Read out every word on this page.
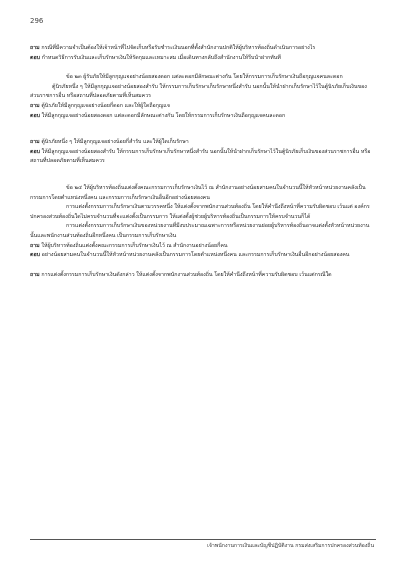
296

ถาม กรณีที่มีความจำเป็นต้องให้เจ้าหน้าที่ไปจัดเก็บหรือรับชำระเงินนอกที่ตั้งสำนักงานปกติให้ผู้บริหารท้องถิ่นดำเนินการอย่างไร

ตอบ กำหนดวิธีการรับเงินและเก็บรักษาเงินให้รัดกุมและเหมาะสม เมื่อเดินทางกลับถึงสำนักงานให้รีบนำฝากทันที

ข้อ ๒๓ ผู้รับภัยให้มีลูกกุญแจอย่างน้อยสองดอก แต่ละดอกมีลักษณะต่างกัน โดยให้กรรมการเก็บรักษาเงินถือกุญแจคนละดอก

ตู้นิรภัยหนึ่ง ๆ ให้มีลูกกุญแจอย่างน้อยสองสำรับ ให้กรรมการเก็บรักษาเก็บรักษาหนึ่งสำรับ นอกนั้นให้นำฝากเก็บรักษาไว้ในตู้นิรภัยเก็บเงินของส่วนราชการอื่น หรือสถานที่ปลอดภัยตามที่เห็นสมควร

ถาม ตู้นิรภัยให้มีลูกกุญแจอย่างน้อยกี่ดอก และให้ผู้ใดถือกุญแจ

ตอบ ให้มีลูกกุญแจอย่างน้อยสองดอก แต่ละดอกมีลักษณะต่างกัน โดยให้กรรมการเก็บรักษาเงินถือกุญแจคนละดอก

ถาม ตู้นิรภัยหนึ่ง ๆ ให้มีลูกกุญแจอย่างน้อยกี่สำรับ และให้ผู้ใดเก็บรักษา

ตอบ ให้มีลูกกุญแจอย่างน้อยสองสำรับ ให้กรรมการเก็บรักษาเก็บรักษาหนึ่งสำรับ นอกนั้นให้นำฝากเก็บรักษาไว้ในตู้นิรภัยเก็บเงินของส่วนราชการอื่น หรือสถานที่ปลอดภัยตามที่เห็นสมควร

ข้อ ๒๔ ให้ผู้บริหารท้องถิ่นแต่งตั้งคณะกรรมการเก็บรักษาเงินไว้ ณ สำนักงานอย่างน้อยสามคนในจำนวนนี้ให้หัวหน้าหน่วยงานคลังเป็นกรรมการโดยตำแหน่งหนึ่งคน และกรรมการเก็บรักษาเงินอื่นอีกอย่างน้อยสองคน

การแต่งตั้งกรรมการเก็บรักษาเงินตามวรรคหนึ่ง ให้แต่งตั้งจากพนักงานส่วนท้องถิ่น โดยให้คำนึงถึงหน้าที่ความรับผิดชอบ เว้นแต่ องค์กรปกครองส่วนท้องถิ่นใดไม่ครบจำนวนที่จะแต่งตั้งเป็นกรรมการ ให้แต่งตั้งผู้ช่วยผู้บริหารท้องถิ่นเป็นกรรมการให้ครบจำนวนก็ได้

การแต่งตั้งกรรมการเก็บรักษาเงินของหน่วยงานที่มีงบประมาณเฉพาะการหรือหน่วยงานย่อยผู้บริหารท้องถิ่นอาจแต่งตั้งหัวหน้าหน่วยงานนั้นและพนักงานส่วนท้องถิ่นอีกหนึ่งคน เป็นกรรมการเก็บรักษาเงิน

ถาม ให้ผู้บริหารท้องถิ่นแต่งตั้งคณะกรรมการเก็บรักษาเงินไว้ ณ สำนักงานอย่างน้อยกี่คน

ตอบ อย่างน้อยสามคนในจำนวนนี้ให้หัวหน้าหน่วยงานคลังเป็นกรรมการโดยตำแหน่งหนึ่งคน และกรรมการเก็บรักษาเงินอื่นอีกอย่างน้อยสองคน

ถาม การแต่งตั้งกรรมการเก็บรักษาเงินดังกล่าว ให้แต่งตั้งจากพนักงานส่วนท้องถิ่น โดยให้คำนึงถึงหน้าที่ความรับผิดชอบ เว้นแต่กรณีใด

เจ้าพนักงานการเงินและบัญชีปฏิบัติงาน กรมส่งเสริมการปกครองส่วนท้องถิ่น
